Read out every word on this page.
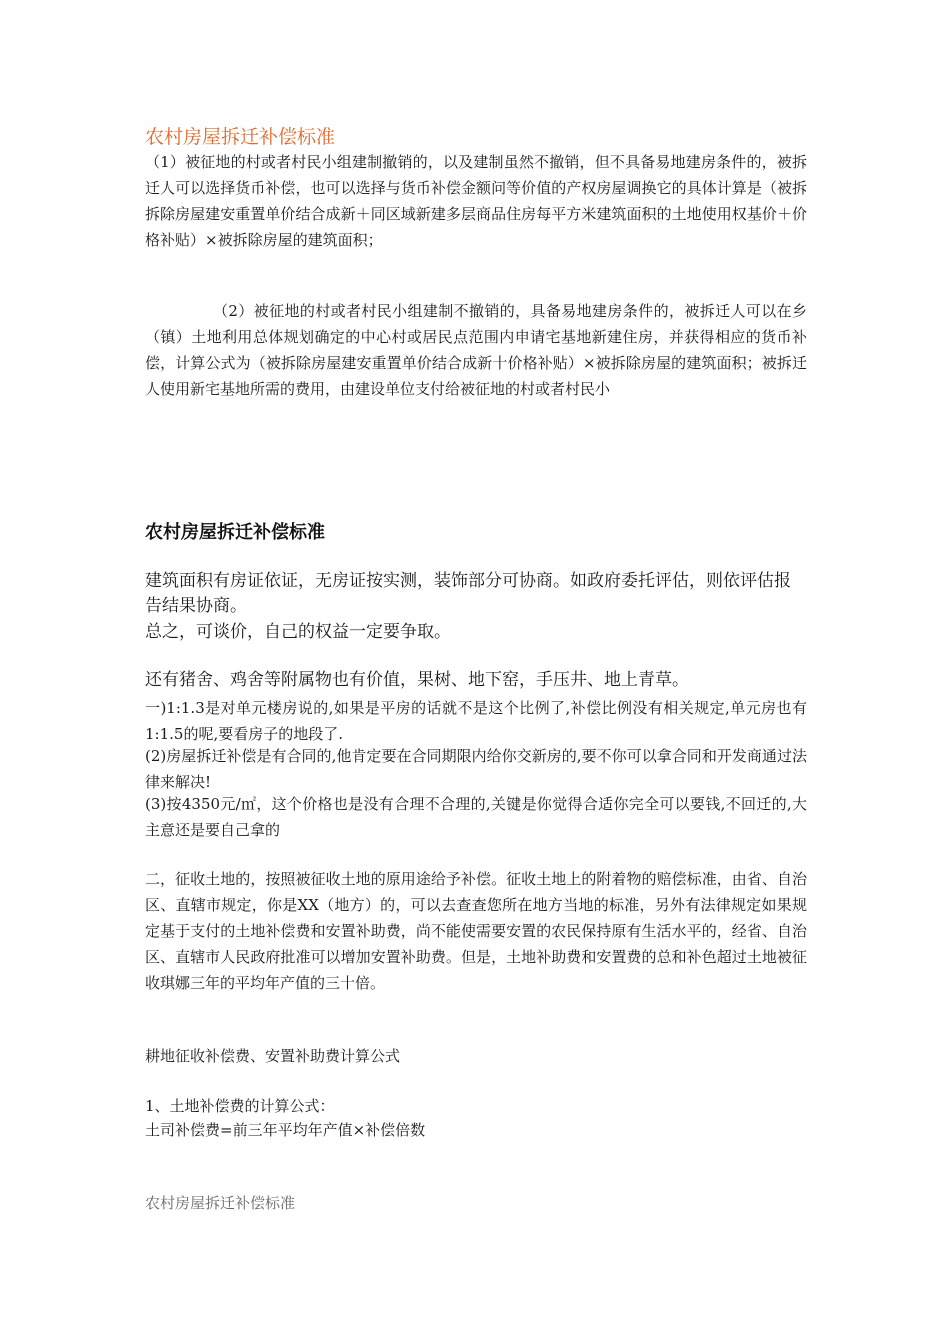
农村房屋拆迁补偿标准

（1）被征地的村或者村民小组建制撤销的，以及建制虽然不撤销，但不具备易地建房条件的，被拆迁人可以选择货币补偿，也可以选择与货币补偿金额问等价值的产权房屋调换它的具体计算是（被拆拆除房屋建安重置单价结合成新＋同区域新建多层商品住房每平方米建筑面积的土地使用权基价＋价格补贴）×被拆除房屋的建筑面积；

（2）被征地的村或者村民小组建制不撤销的，具备易地建房条件的，被拆迁人可以在乡（镇）土地利用总体规划确定的中心村或居民点范围内申请宅基地新建住房，并获得相应的货币补偿，计算公式为（被拆除房屋建安重置单价结合成新十价格补贴）×被拆除房屋的建筑面积；被拆迁人使用新宅基地所需的费用，由建设单位支付给被征地的村或者村民小

农村房屋拆迁补偿标准

建筑面积有房证依证，无房证按实测，装饰部分可协商。如政府委托评估，则依评估报告结果协商。

总之，可谈价，自己的权益一定要争取。

还有猪舍、鸡舍等附属物也有价值，果树、地下窑，手压井、地上青草。

一)1:1.3是对单元楼房说的,如果是平房的话就不是这个比例了,补偿比例没有相关规定,单元房也有1:1.5的呢,要看房子的地段了.

(2)房屋拆迁补偿是有合同的,他肯定要在合同期限内给你交新房的,要不你可以拿合同和开发商通过法律来解决!

(3)按4350元/㎡，这个价格也是没有合理不合理的,关键是你觉得合适你完全可以要钱,不回迁的,大主意还是要自己拿的

二，征收土地的，按照被征收土地的原用途给予补偿。征收土地上的附着物的赔偿标准，由省、自治区、直辖市规定，你是XX（地方）的，可以去查查您所在地方当地的标准，另外有法律规定如果规定基于支付的土地补偿费和安置补助费，尚不能使需要安置的农民保持原有生活水平的，经省、自治区、直辖市人民政府批准可以增加安置补助费。但是，土地补助费和安置费的总和补色超过土地被征收琪娜三年的平均年产值的三十倍。

耕地征收补偿费、安置补助费计算公式

1、土地补偿费的计算公式：

土司补偿费=前三年平均年产值×补偿倍数

农村房屋拆迁补偿标准
